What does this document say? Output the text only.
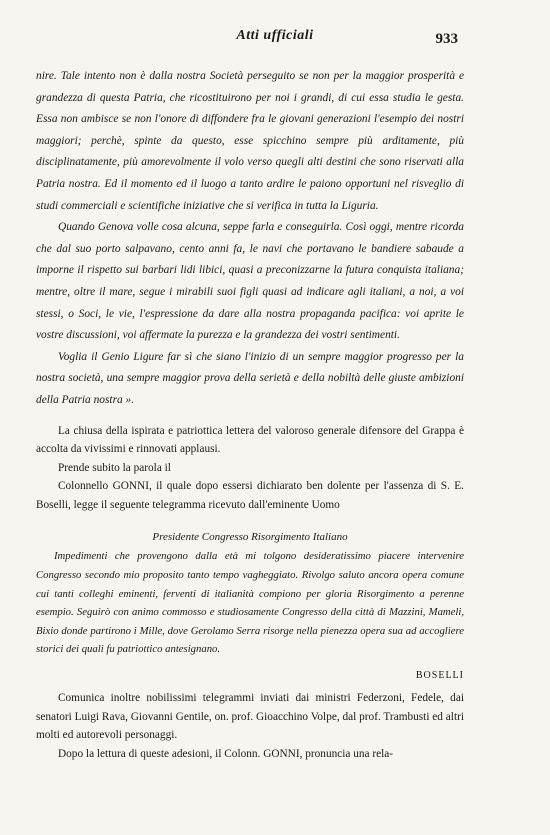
Atti ufficiali	933

nire. Tale intento non è dalla nostra Società perseguito se non per la maggior prosperità e grandezza di questa Patria, che ricostituirono per noi i grandi, di cui essa studia le gesta. Essa non ambisce se non l'onore di diffondere fra le giovani generazioni l'esempio dei nostri maggiori; perchè, spinte da questo, esse spicchino sempre più arditamente, più disciplinatamente, più amorevolmente il volo verso quegli alti destini che sono riservati alla Patria nostra. Ed il momento ed il luogo a tanto ardire le paiono opportuni nel risveglio di studi commerciali e scientifiche iniziative che si verifica in tutta la Liguria.

Quando Genova volle cosa alcuna, seppe farla e conseguirla. Così oggi, mentre ricorda che dal suo porto salpavano, cento anni fa, le navi che portavano le bandiere sabaude a imporne il rispetto sui barbari lidi libici, quasi a preconizzarne la futura conquista italiana; mentre, oltre il mare, segue i mirabili suoi figli quasi ad indicare agli italiani, a noi, a voi stessi, o Soci, le vie, l'espressione da dare alla nostra propaganda pacifica: voi aprite le vostre discussioni, voi affermate la purezza e la grandezza dei vostri sentimenti.

Voglia il Genio Ligure far sì che siano l'inizio di un sempre maggior progresso per la nostra società, una sempre maggior prova della serietà e della nobiltà delle giuste ambizioni della Patria nostra ».

La chiusa della ispirata e patriottica lettera del valoroso generale difensore del Grappa è accolta da vivissimi e rinnovati applausi.

Prende subito la parola il

Colonnello GONNI, il quale dopo essersi dichiarato ben dolente per l'assenza di S. E. Boselli, legge il seguente telegramma ricevuto dall'eminente Uomo

Presidente Congresso Risorgimento Italiano

Impedimenti che provengono dalla età mi tolgono desideratissimo piacere intervenire Congresso secondo mio proposito tanto tempo vagheggiato. Rivolgo saluto ancora opera comune cui tanti colleghi eminenti, ferventi di italianità compiono per gloria Risorgimento a perenne esempio. Seguirò con animo commosso e studiosamente Congresso della città di Mazzini, Mameli, Bixio donde partirono i Mille, dove Gerolamo Serra risorge nella pienezza opera sua ad accogliere storici dei quali fu patriottico antesignano.

BOSELLI

Comunica inoltre nobilissimi telegrammi inviati dai ministri Federzoni, Fedele, dai senatori Luigi Rava, Giovanni Gentile, on. prof. Gioacchino Volpe, dal prof. Trambusti ed altri molti ed autorevoli personaggi.

Dopo la lettura di queste adesioni, il Colonn. GONNI, pronuncia una rela-
